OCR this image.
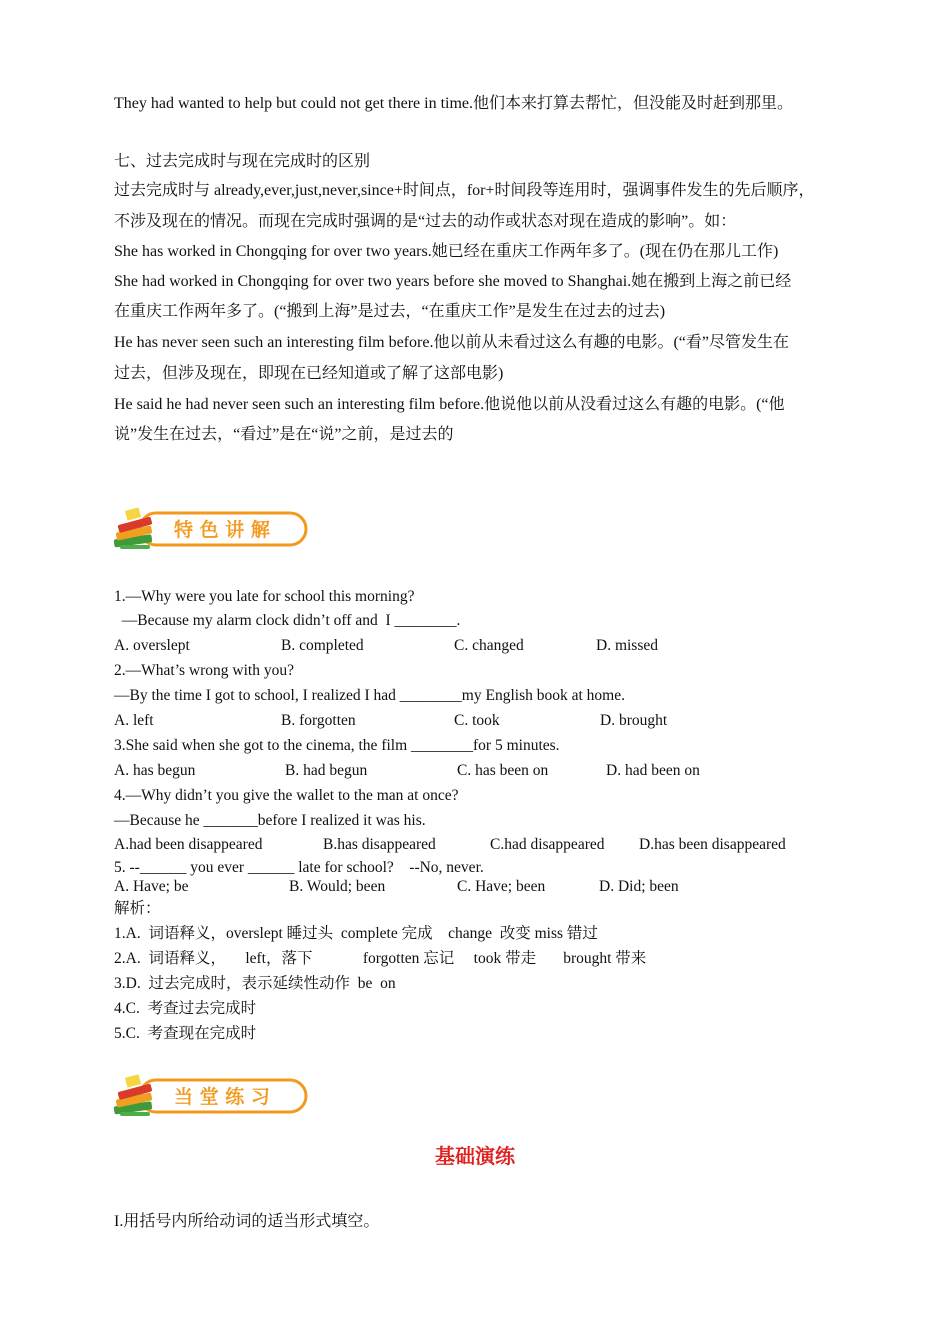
They had wanted to help but could not get there in time.他们本来打算去帮忙，但没能及时赶到那里。
七、过去完成时与现在完成时的区别
过去完成时与 already,ever,just,never,since+时间点，for+时间段等连用时，强调事件发生的先后顺序，
不涉及现在的情况。而现在完成时强调的是“过去的动作或状态对现在造成的影响”。如：
She has worked in Chongqing for over two years.她已经在重庆工作两年多了。(现在仍在那儿工作)
She had worked in Chongqing for over two years before she moved to Shanghai.她在搬到上海之前已经
在重庆工作两年多了。(“搬到上海”是过去，“在重庆工作”是发生在过去的过去)
He has never seen such an interesting film before.他以前从未看过这么有趣的电影。(“看”尽管发生在
过去，但涉及现在，即现在已经知道或了解了这部电影)
He said he had never seen such an interesting film before.他说他以前从没看过这么有趣的电影。(“他
说”发生在过去，“看过”是在“说”之前，是过去的
特 色 讲 解
1.—Why were you late for school this morning?
—Because my alarm clock didn’t off and  I ________.
A. overslept	B. completed	C. changed	D. missed
2.—What’s wrong with you?
—By the time I got to school, I realized I had ________my English book at home.
A. left	B. forgotten	C. took	D. brought
3.She said when she got to the cinema, the film ________for 5 minutes.
A. has begun	B. had begun	C. has been on	D. had been on
4.—Why didn’t you give the wallet to the man at once?
—Because he _______before I realized it was his.
A.had been disappeared	B.has disappeared	C.had disappeared D.has been disappeared
5. --______ you ever ______ late for school?    --No, never.
A. Have; be	B. Would; been	C. Have; been	D. Did; been
解析：
1.A.  词语释义，overslept 睡过头  complete 完成    change  改变 miss 错过
2.A.  词语释义，     left，落下             forgotten 忘记     took 带走       brought 带来
3.D.  过去完成时，表示延续性动作  be  on
4.C.  考查过去完成时
5.C.  考查现在完成时
当 堂 练 习
基础演练
I.用括号内所给动词的适当形式填空。
